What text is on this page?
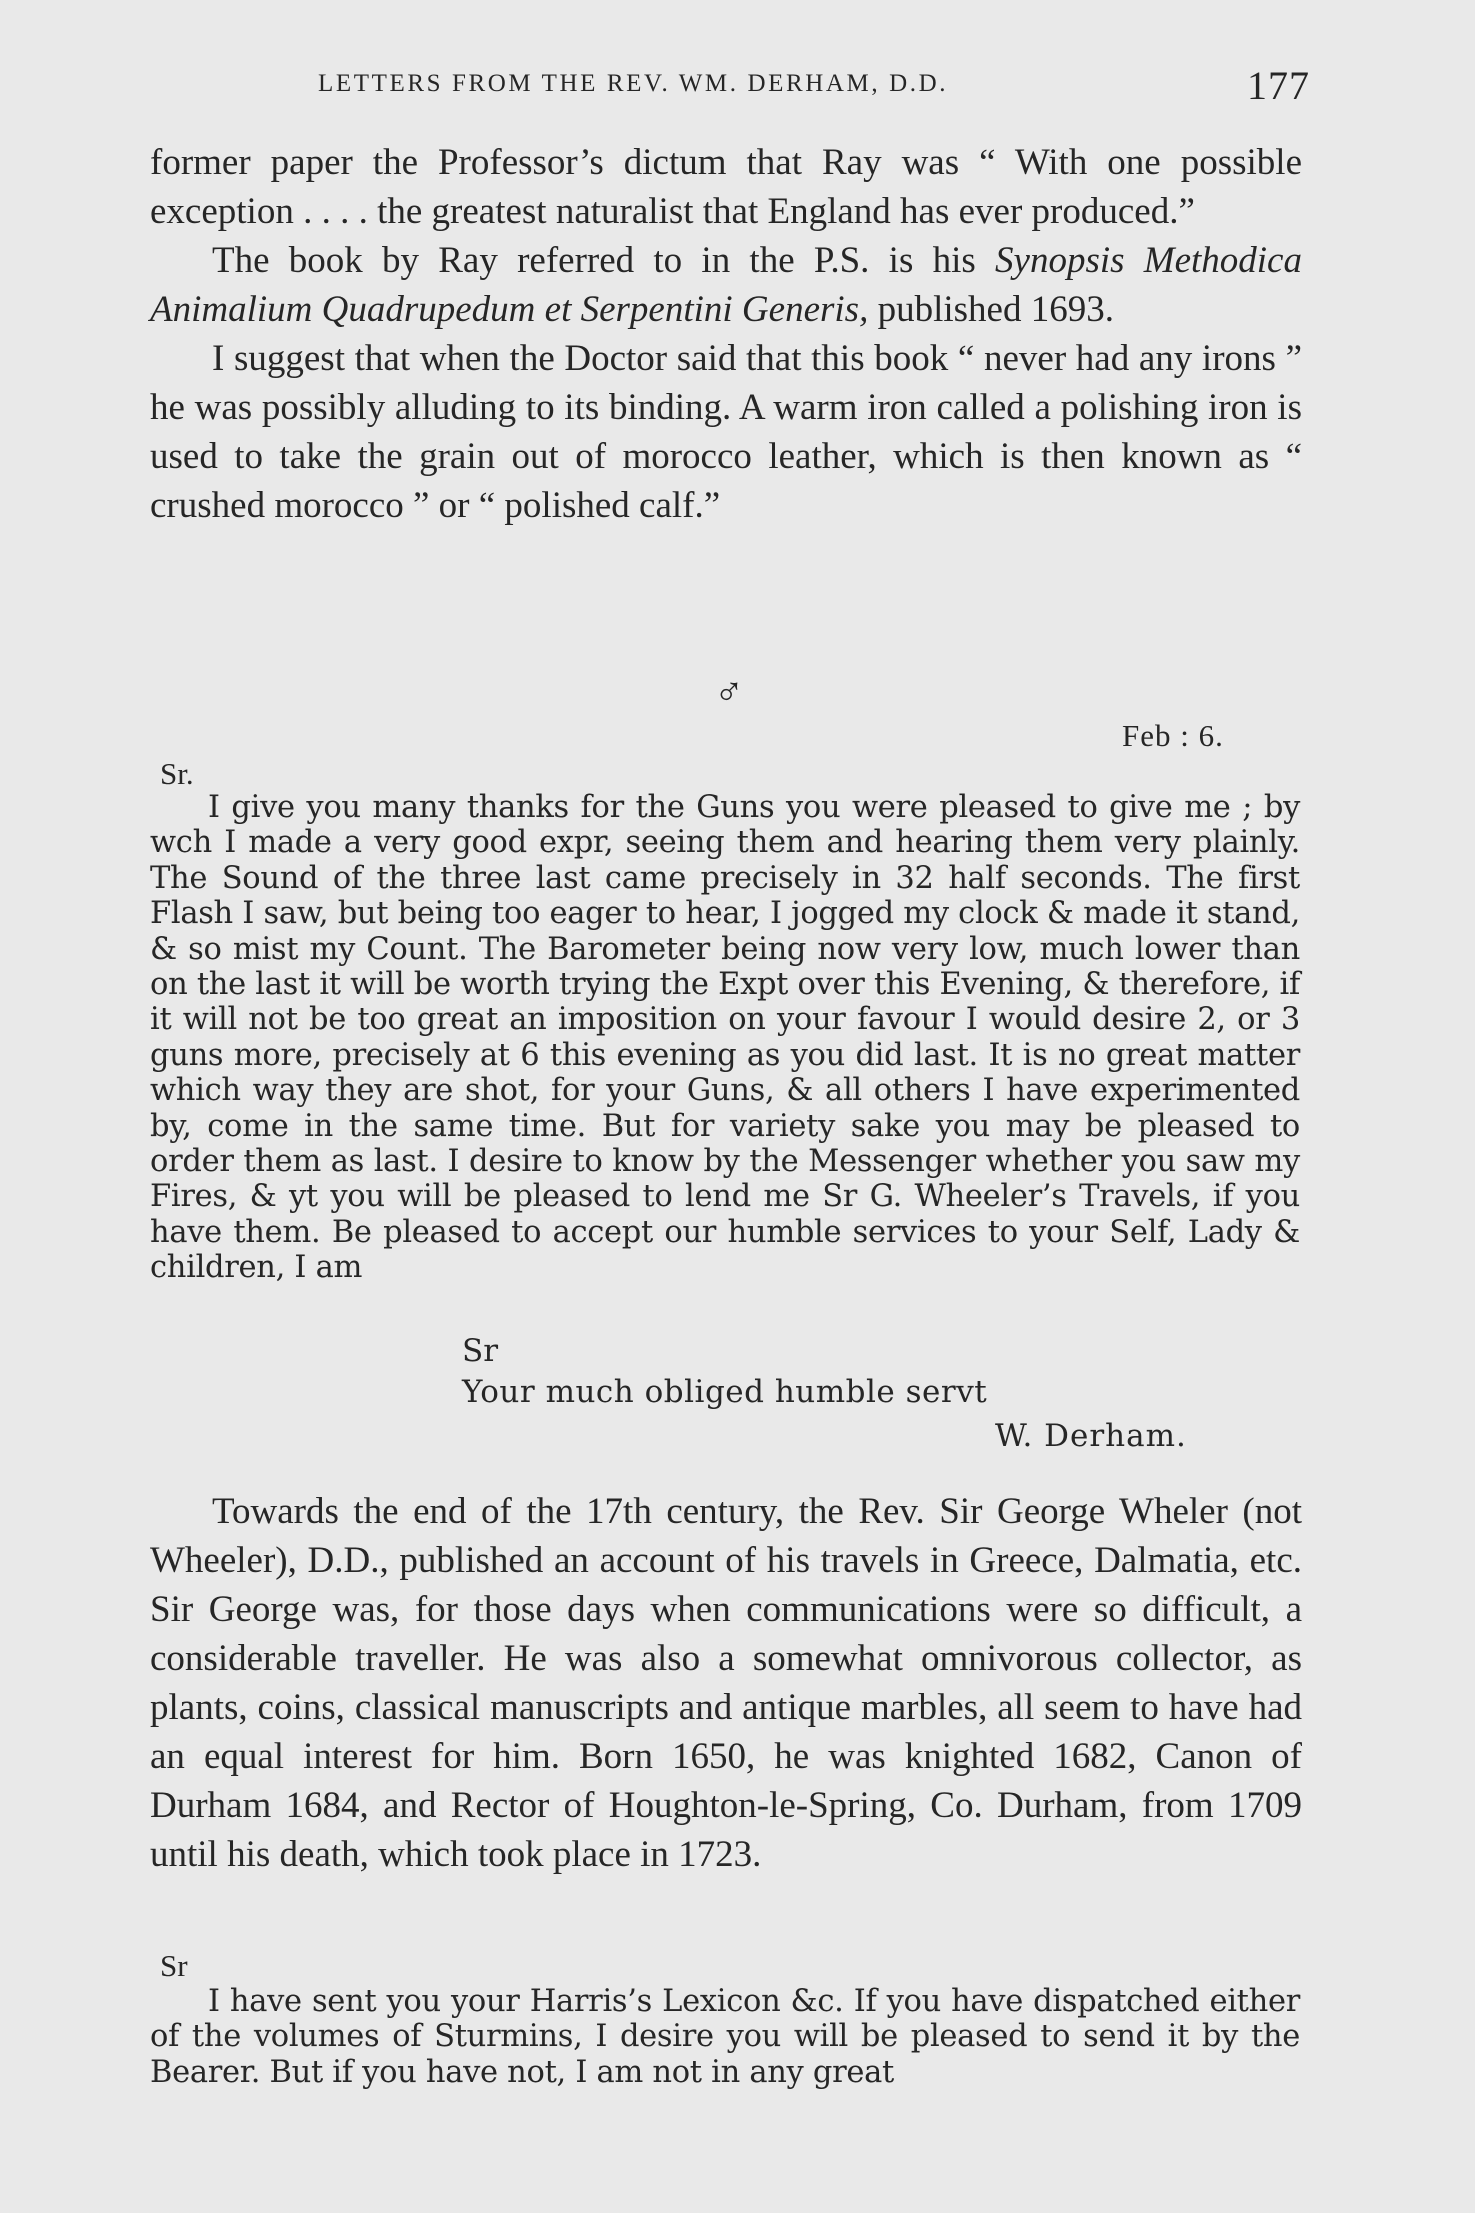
LETTERS FROM THE REV. WM. DERHAM, D.D.	177

former paper the Professor’s dictum that Ray was “ With one possible exception . . . . the greatest naturalist that England has ever produced.”

The book by Ray referred to in the P.S. is his Synopsis Methodica Animalium Quadrupedum et Serpentini Generis, published 1693.

I suggest that when the Doctor said that this book “ never had any irons ” he was possibly alluding to its binding. A warm iron called a polishing iron is used to take the grain out of morocco leather, which is then known as “ crushed morocco ” or “ polished calf.”

♂
Feb : 6.
Sr.

I give you many thanks for the Guns you were pleased to give me ; by wch I made a very good expr, seeing them and hearing them very plainly. The Sound of the three last came precisely in 32 half seconds. The first Flash I saw, but being too eager to hear, I jogged my clock & made it stand, & so mist my Count. The Barometer being now very low, much lower than on the last it will be worth trying the Expt over this Evening, & therefore, if it will not be too great an imposition on your favour I would desire 2, or 3 guns more, precisely at 6 this evening as you did last. It is no great matter which way they are shot, for your Guns, & all others I have experimented by, come in the same time. But for variety sake you may be pleased to order them as last. I desire to know by the Messenger whether you saw my Fires, & yt you will be pleased to lend me Sr G. Wheeler’s Travels, if you have them. Be pleased to accept our humble services to your Self, Lady & children, I am

Sr
Your much obliged humble servt
W. Derham.

Towards the end of the 17th century, the Rev. Sir George Wheler (not Wheeler), D.D., published an account of his travels in Greece, Dalmatia, etc. Sir George was, for those days when communications were so difficult, a considerable traveller. He was also a somewhat omnivorous collector, as plants, coins, classical manuscripts and antique marbles, all seem to have had an equal interest for him. Born 1650, he was knighted 1682, Canon of Durham 1684, and Rector of Houghton-le-Spring, Co. Durham, from 1709 until his death, which took place in 1723.

Sr

I have sent you your Harris’s Lexicon &c. If you have dispatched either of the volumes of Sturmins, I desire you will be pleased to send it by the Bearer. But if you have not, I am not in any great
